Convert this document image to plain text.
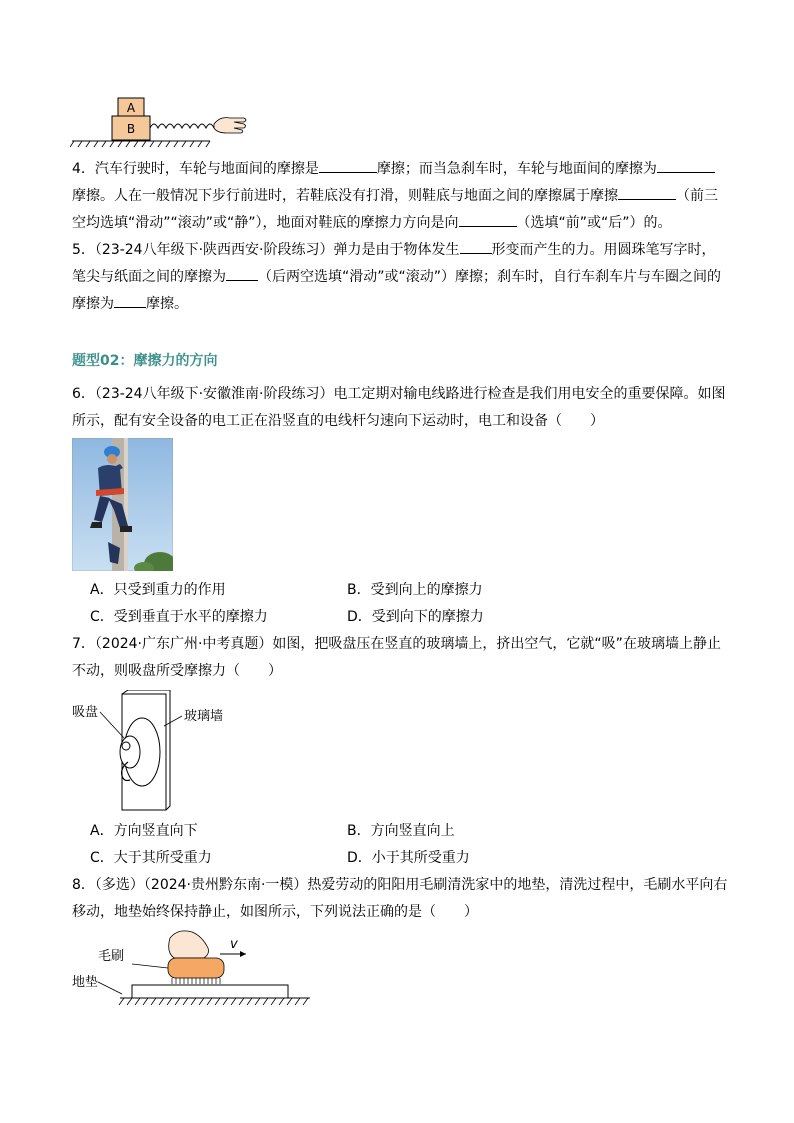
A
B

4．汽车行驶时，车轮与地面间的摩擦是	摩擦；而当急刹车时，车轮与地面间的摩擦为摩擦。人在一般情况下步行前进时，若鞋底没有打滑，则鞋底与地面之间的摩擦属于摩擦	（前三空均选填“滑动”“滚动”或“静”），地面对鞋底的摩擦力方向是向	（选填“前”或“后”）的。

5．（23-24八年级下·陕西西安·阶段练习）弹力是由于物体发生 形变而产生的力。用圆珠笔写字时，笔尖与纸面之间的摩擦为 （后两空选填“滑动”或“滚动”）摩擦；刹车时，自行车刹车片与车圈之间的摩擦为 摩擦。

题型02：摩擦力的方向

6．（23-24八年级下·安徽淮南·阶段练习）电工定期对输电线路进行检查是我们用电安全的重要保障。如图所示，配有安全设备的电工正在沿竖直的电线杆匀速向下运动时，电工和设备（　　）

A．只受到重力的作用	B．受到向上的摩擦力
C．受到垂直于水平的摩擦力	D．受到向下的摩擦力

7．（2024·广东广州·中考真题）如图，把吸盘压在竖直的玻璃墙上，挤出空气，它就“吸”在玻璃墙上静止不动，则吸盘所受摩擦力（　　）

吸盘	玻璃墙
A．方向竖直向下	B．方向竖直向上
C．大于其所受重力	D．小于其所受重力

8．（多选）（2024·贵州黔东南·一模）热爱劳动的阳阳用毛刷清洗家中的地垫，清洗过程中，毛刷水平向右移动，地垫始终保持静止，如图所示，下列说法正确的是（　　）

毛刷
地垫
v
